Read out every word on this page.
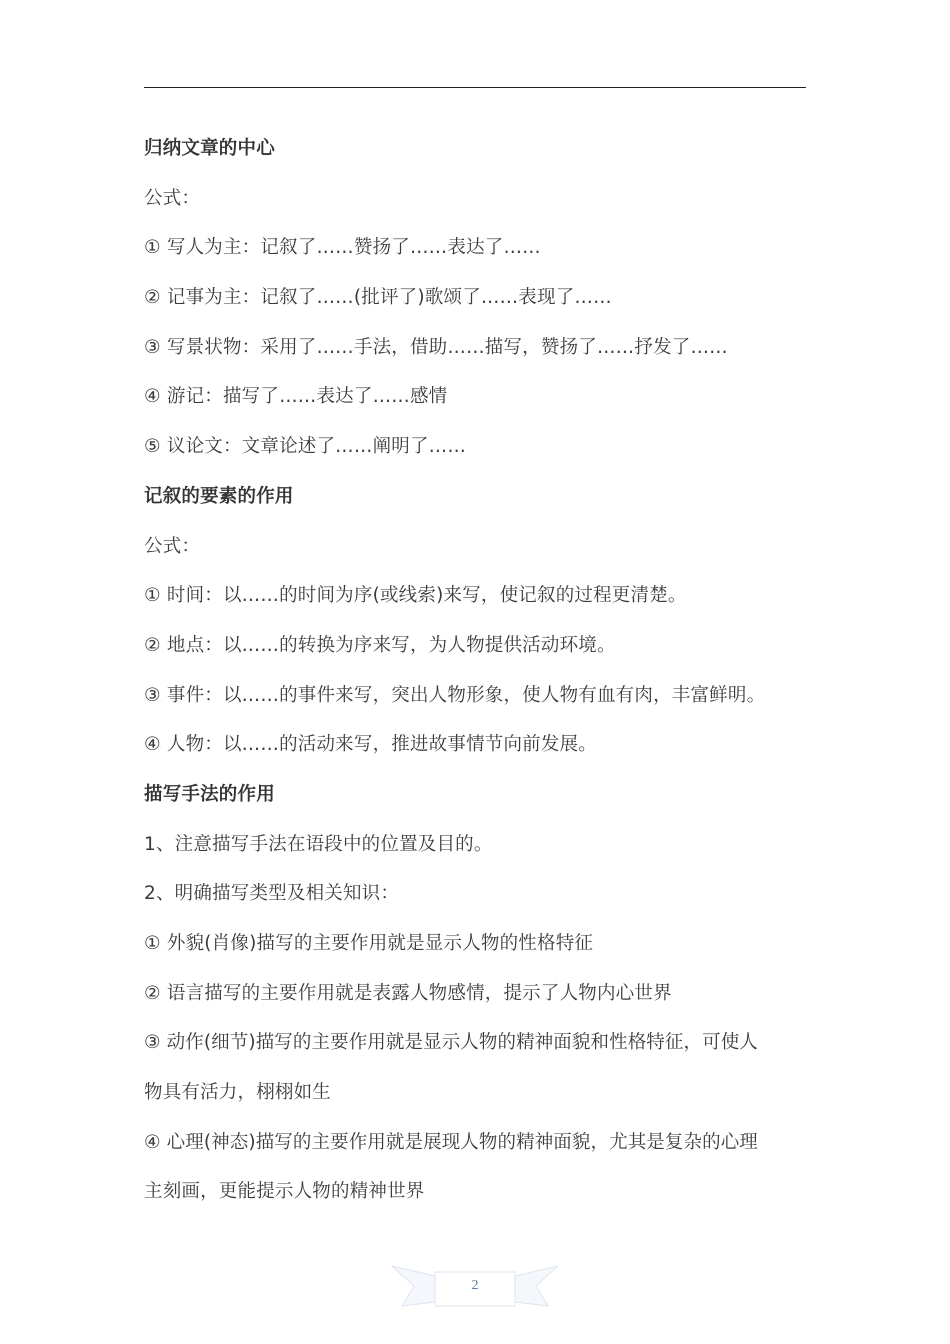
归纳文章的中心
公式：
① 写人为主：记叙了……赞扬了……表达了……
② 记事为主：记叙了……(批评了)歌颂了……表现了……
③ 写景状物：采用了……手法，借助……描写，赞扬了……抒发了……
④ 游记：描写了……表达了……感情
⑤ 议论文：文章论述了……阐明了……
记叙的要素的作用
公式：
① 时间：以……的时间为序(或线索)来写，使记叙的过程更清楚。
② 地点：以……的转换为序来写，为人物提供活动环境。
③ 事件：以……的事件来写，突出人物形象，使人物有血有肉，丰富鲜明。
④ 人物：以……的活动来写，推进故事情节向前发展。
描写手法的作用
1、注意描写手法在语段中的位置及目的。
2、明确描写类型及相关知识：
① 外貌(肖像)描写的主要作用就是显示人物的性格特征
② 语言描写的主要作用就是表露人物感情，提示了人物内心世界
③ 动作(细节)描写的主要作用就是显示人物的精神面貌和性格特征，可使人
物具有活力，栩栩如生
④ 心理(神态)描写的主要作用就是展现人物的精神面貌，尤其是复杂的心理
主刻画，更能提示人物的精神世界
2
